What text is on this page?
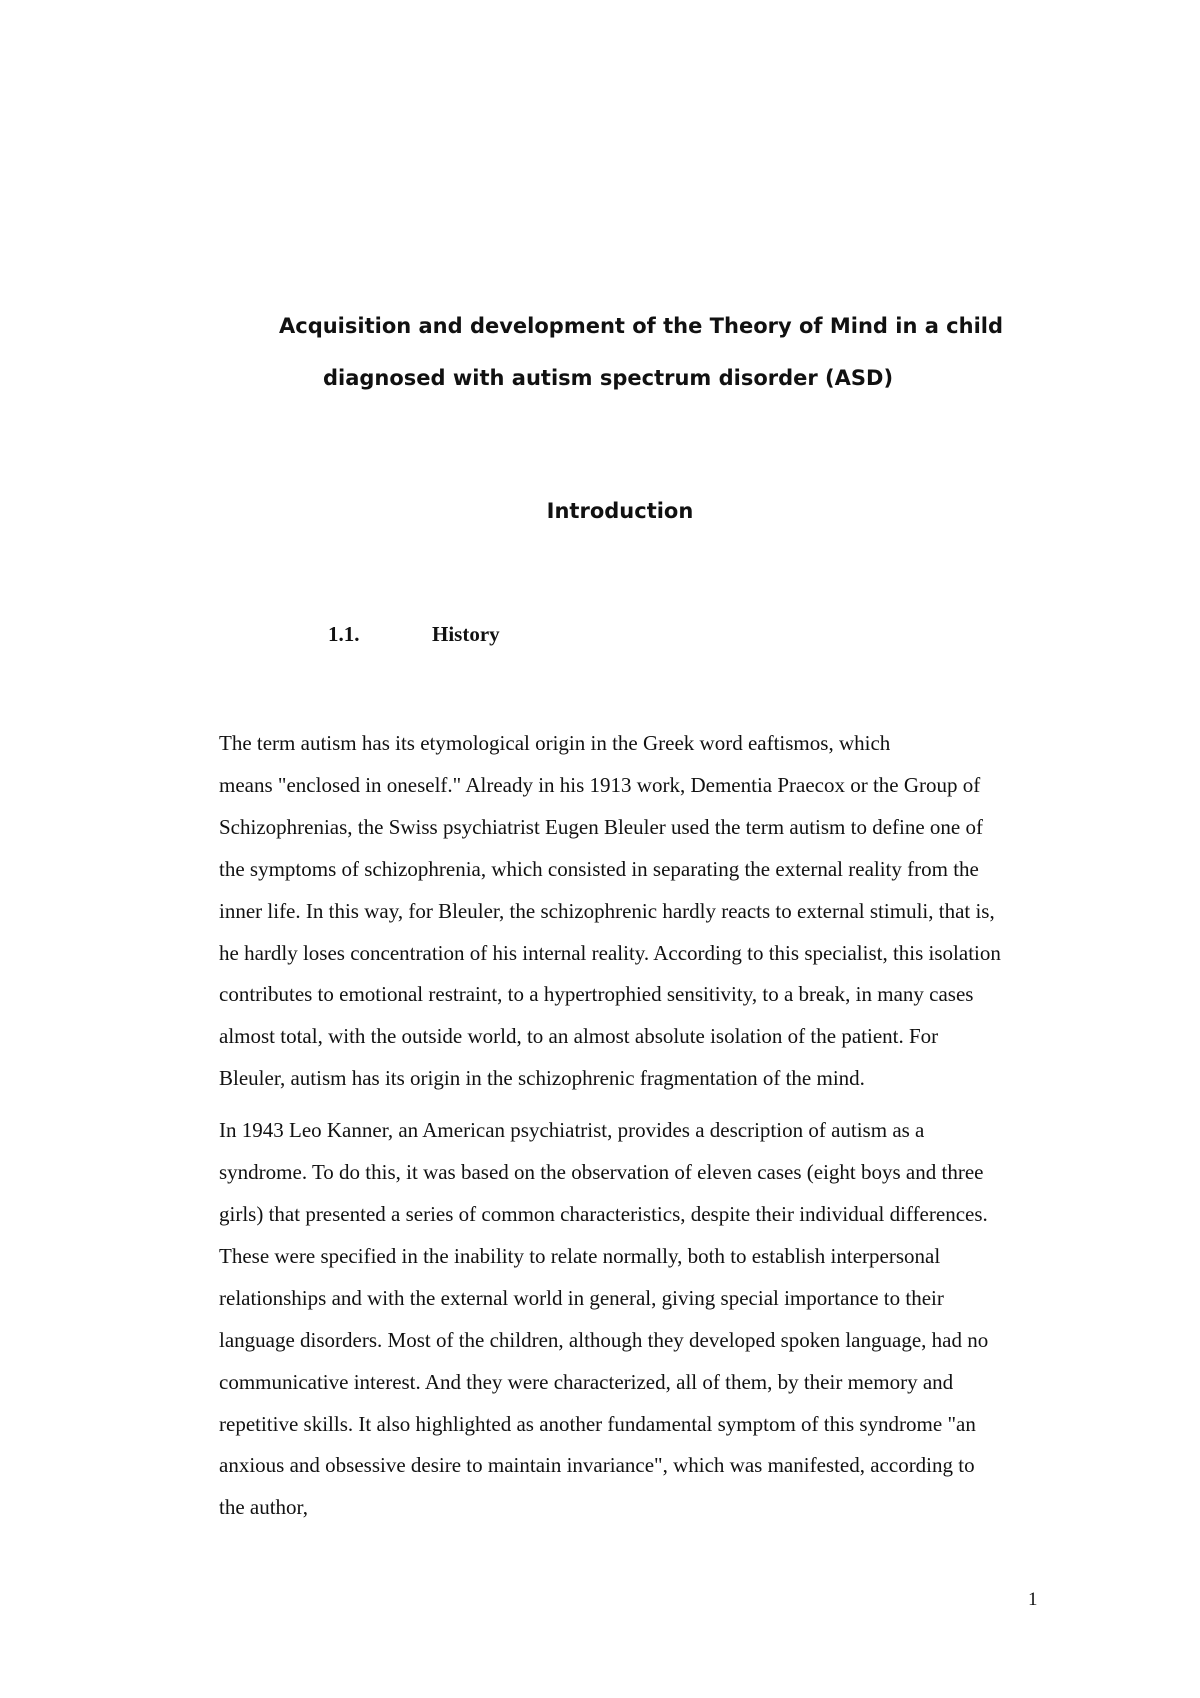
Acquisition and development of the Theory of Mind in a child
diagnosed with autism spectrum disorder (ASD)
Introduction
1.1.	History

The term autism has its etymological origin in the Greek word eaftismos, which
means "enclosed in oneself." Already in his 1913 work, Dementia Praecox or the Group of
Schizophrenias, the Swiss psychiatrist Eugen Bleuler used the term autism to define one of
the symptoms of schizophrenia, which consisted in separating the external reality from the
inner life. In this way, for Bleuler, the schizophrenic hardly reacts to external stimuli, that is,
he hardly loses concentration of his internal reality. According to this specialist, this isolation
contributes to emotional restraint, to a hypertrophied sensitivity, to a break, in many cases
almost total, with the outside world, to an almost absolute isolation of the patient. For
Bleuler, autism has its origin in the schizophrenic fragmentation of the mind.

In 1943 Leo Kanner, an American psychiatrist, provides a description of autism as a
syndrome. To do this, it was based on the observation of eleven cases (eight boys and three
girls) that presented a series of common characteristics, despite their individual differences.
These were specified in the inability to relate normally, both to establish interpersonal
relationships and with the external world in general, giving special importance to their
language disorders. Most of the children, although they developed spoken language, had no
communicative interest. And they were characterized, all of them, by their memory and
repetitive skills. It also highlighted as another fundamental symptom of this syndrome "an
anxious and obsessive desire to maintain invariance", which was manifested, according to
the author,

1
